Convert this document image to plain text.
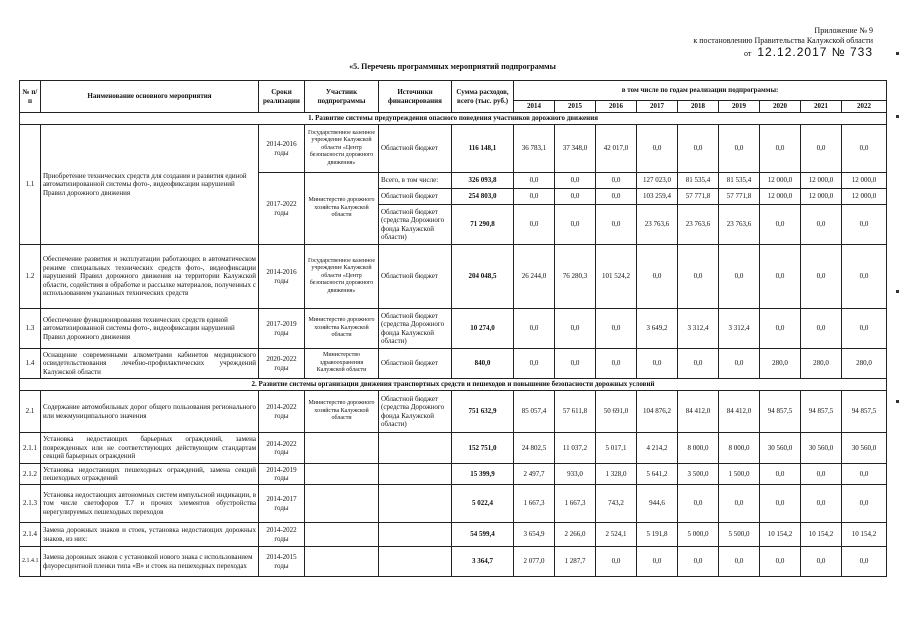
Приложение № 9
к постановлению Правительства Калужской области
от 12.12.2017 № 733
«5. Перечень программных мероприятий подпрограммы
№ п/п	Наименование основного мероприятия	Сроки реализации	Участник подпрограммы	Источники финансирования	Сумма расходов, всего (тыс. руб.)	в том числе по годам реализации подпрограммы:								
						2014	2015	2016	2017	2018	2019	2020	2021	2022
1. Развитие системы предупреждения опасного поведения участников дорожного движения														
1.1	Приобретение технических средств для создания и развития единой автоматизированной системы фото-, видеофиксации нарушений Правил дорожного движения	2014-2016 годы	Государственное казенное учреждение Калужской области «Центр безопасности дорожного движения»	Областной бюджет	116 148,1	36 783,1	37 348,0	42 017,0	0,0	0,0	0,0	0,0	0,0	0,0
		2017-2022 годы	Министерство дорожного хозяйства Калужской области	Всего, в том числе:	326 093,8	0,0	0,0	0,0	127 023,0	81 535,4	81 535,4	12 000,0	12 000,0	12 000,0
				Областной бюджет	254 803,0	0,0	0,0	0,0	103 259,4	57 771,8	57 771,8	12 000,0	12 000,0	12 000,0
				Областной бюджет (средства Дорожного фонда Калужской области)	71 290,8	0,0	0,0	0,0	23 763,6	23 763,6	23 763,6	0,0	0,0	0,0
1.2	Обеспечение развития и эксплуатации работающих в автоматическом режиме специальных технических средств фото-, видеофиксации нарушений Правил дорожного движения на территории Калужской области, содействия в обработке и рассылке материалов, полученных с использованием указанных технических средств	2014-2016 годы	Государственное казенное учреждение Калужской области «Центр безопасности дорожного движения»	Областной бюджет	204 048,5	26 244,0	76 280,3	101 524,2	0,0	0,0	0,0	0,0	0,0	0,0
1.3	Обеспечение функционирования технических средств единой автоматизированной системы фото-, видеофиксации нарушений Правил дорожного движения	2017-2019 годы	Министерство дорожного хозяйства Калужской области	Областной бюджет (средства Дорожного фонда Калужской области)	10 274,0	0,0	0,0	0,0	3 649,2	3 312,4	3 312,4	0,0	0,0	0,0
1.4	Оснащение современными алкометрами кабинетов медицинского освидетельствования лечебно-профилактических учреждений Калужской области	2020-2022 годы	Министерство здравоохранения Калужской области	Областной бюджет	840,0	0,0	0,0	0,0	0,0	0,0	0,0	280,0	280,0	280,0
2. Развитие системы организации движения транспортных средств и пешеходов и повышение безопасности дорожных условий														
2.1	Содержание автомобильных дорог общего пользования регионального или межмуниципального значения	2014-2022 годы	Министерство дорожного хозяйства Калужской области	Областной бюджет (средства Дорожного фонда Калужской области)	751 632,9	85 057,4	57 611,8	50 691,0	104 876,2	84 412,0	84 412,0	94 857,5	94 857,5	94 857,5
2.1.1	Установка недостающих барьерных ограждений, замена поврежденных или не соответствующих действующим стандартам секций барьерных ограждений	2014-2022 годы			152 751,0	24 802,5	11 037,2	5 017,1	4 214,2	8 000,0	8 000,0	30 560,0	30 560,0	30 560,0
2.1.2	Установка недостающих пешеходных ограждений, замена секций пешеходных ограждений	2014-2019 годы			15 399,9	2 497,7	933,0	1 328,0	5 641,2	3 500,0	1 500,0	0,0	0,0	0,0
2.1.3	Установка недостающих автономных систем импульсной индикации, в том числе светофоров Т.7 и прочих элементов обустройства нерегулируемых пешеходных переходов	2014-2017 годы			5 022,4	1 667,3	1 667,3	743,2	944,6	0,0	0,0	0,0	0,0	0,0
2.1.4	Замена дорожных знаков и стоек, установка недостающих дорожных знаков, из них:	2014-2022 годы			54 599,4	3 654,9	2 266,0	2 524,1	5 191,8	5 000,0	5 500,0	10 154,2	10 154,2	10 154,2
2.1.4.1	Замена дорожных знаков с установкой нового знака с использованием флуоресцентной пленки типа «В» и стоек на пешеходных переходах	2014-2015 годы			3 364,7	2 077,0	1 287,7	0,0	0,0	0,0	0,0	0,0	0,0	0,0
